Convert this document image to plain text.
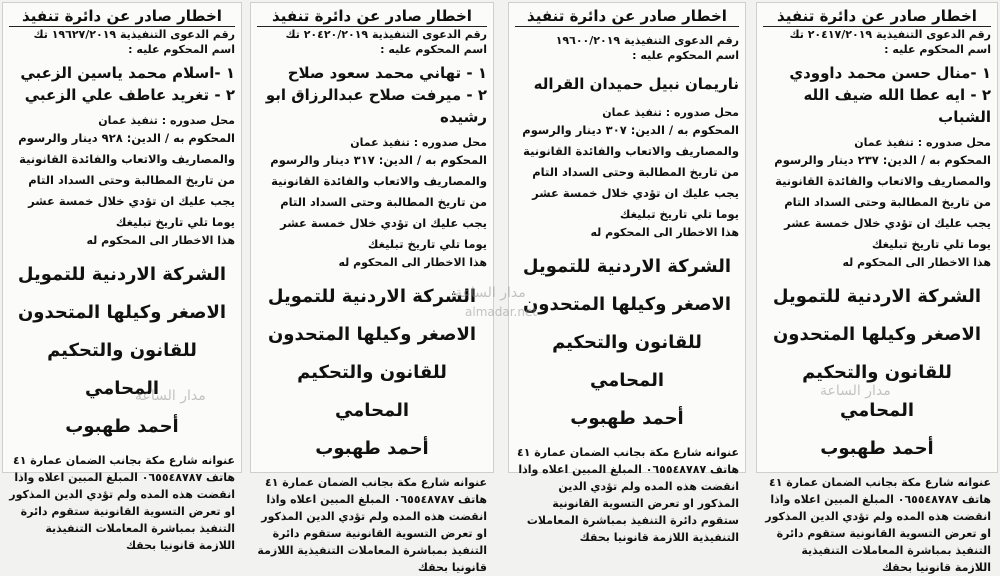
اخطار صادر عن دائرة تنفيذ
رقم الدعوى التنفيذية ١٩٦٢٧/٢٠١٩ تك
اسم المحكوم عليه :
١ -اسلام محمد ياسين الزعبي
٢ - تغريد عاطف علي الزعبي
محل صدوره : تنفيذ عمان
المحكوم به / الدين: ٩٢٨ دينار والرسوم والمصاريف والاتعاب والفائدة القانونية من تاريخ المطالبة وحتى السداد التام يجب عليك ان تؤدي خلال خمسة عشر يوما تلي تاريخ تبليغك
هذا الاخطار الى المحكوم له
الشركة الاردنية للتمويل
الاصغر وكيلها المتحدون
للقانون والتحكيم المحامي
أحمد طهبوب
عنوانه شارع مكة بجانب الضمان عمارة ٤١ هاتف ٠٦٥٥٤٨٧٨٧ المبلغ المبين اعلاه واذا انقضت هذه المده ولم تؤدي الدين المذكور او تعرض التسوية القانونية ستقوم دائرة التنفيذ بمباشرة المعاملات التنفيذية اللازمة قانونيا بحقك
اخطار صادر عن دائرة تنفيذ
رقم الدعوى التنفيذية ٢٠٤٢٠/٢٠١٩ تك
اسم المحكوم عليه :
١ - تهاني محمد سعود صلاح
٢ - ميرفت صلاح عبدالرزاق ابو رشيده
محل صدوره : تنفيذ عمان
المحكوم به / الدين: ٣١٧ دينار والرسوم والمصاريف والاتعاب والفائدة القانونية من تاريخ المطالبة وحتى السداد التام يجب عليك ان تؤدي خلال خمسة عشر يوما تلي تاريخ تبليغك
هذا الاخطار الى المحكوم له
الشركة الاردنية للتمويل
الاصغر وكيلها المتحدون
للقانون والتحكيم المحامي
أحمد طهبوب
عنوانه شارع مكة بجانب الضمان عمارة ٤١ هاتف ٠٦٥٥٤٨٧٨٧ المبلغ المبين اعلاه واذا انقضت هذه المده ولم تؤدي الدين المذكور او تعرض التسوية القانونية ستقوم دائرة التنفيذ بمباشرة المعاملات التنفيذية اللازمة قانونيا بحقك
اخطار صادر عن دائرة تنفيذ
رقم الدعوى التنفيذية ١٩٦٠٠/٢٠١٩
اسم المحكوم عليه :
ناريمان نبيل حميدان القراله
محل صدوره : تنفيذ عمان
المحكوم به / الدين: ٣٠٧ دينار والرسوم والمصاريف والاتعاب والفائدة القانونية من تاريخ المطالبة وحتى السداد التام يجب عليك ان تؤدي خلال خمسة عشر يوما تلي تاريخ تبليغك
هذا الاخطار الى المحكوم له
الشركة الاردنية للتمويل
الاصغر وكيلها المتحدون
للقانون والتحكيم المحامي
أحمد طهبوب
عنوانه شارع مكة بجانب الضمان عمارة ٤١ هاتف ٠٦٥٥٤٨٧٨٧ المبلغ المبين اعلاه واذا انقضت هذه المده ولم تؤدي الدين المذكور او تعرض التسوية القانونية ستقوم دائرة التنفيذ بمباشرة المعاملات التنفيذية اللازمة قانونيا بحقك
اخطار صادر عن دائرة تنفيذ
رقم الدعوى التنفيذية ٢٠٤١٧/٢٠١٩ تك
اسم المحكوم عليه :
١ -منال حسن محمد داوودي
٢ - ايه عطا الله ضيف الله الشباب
محل صدوره : تنفيذ عمان
المحكوم به / الدين: ٢٣٧ دينار والرسوم والمصاريف والاتعاب والفائدة القانونية من تاريخ المطالبة وحتى السداد التام يجب عليك ان تؤدي خلال خمسة عشر يوما تلي تاريخ تبليغك
هذا الاخطار الى المحكوم له
الشركة الاردنية للتمويل
الاصغر وكيلها المتحدون
للقانون والتحكيم المحامي
أحمد طهبوب
عنوانه شارع مكة بجانب الضمان عمارة ٤١ هاتف ٠٦٥٥٤٨٧٨٧ المبلغ المبين اعلاه واذا انقضت هذه المده ولم تؤدي الدين المذكور او تعرض التسوية القانونية ستقوم دائرة التنفيذ بمباشرة المعاملات التنفيذية اللازمة قانونيا بحقك
مدار الساعة
almadar.net
مدار الساعة	مدار الساعة
